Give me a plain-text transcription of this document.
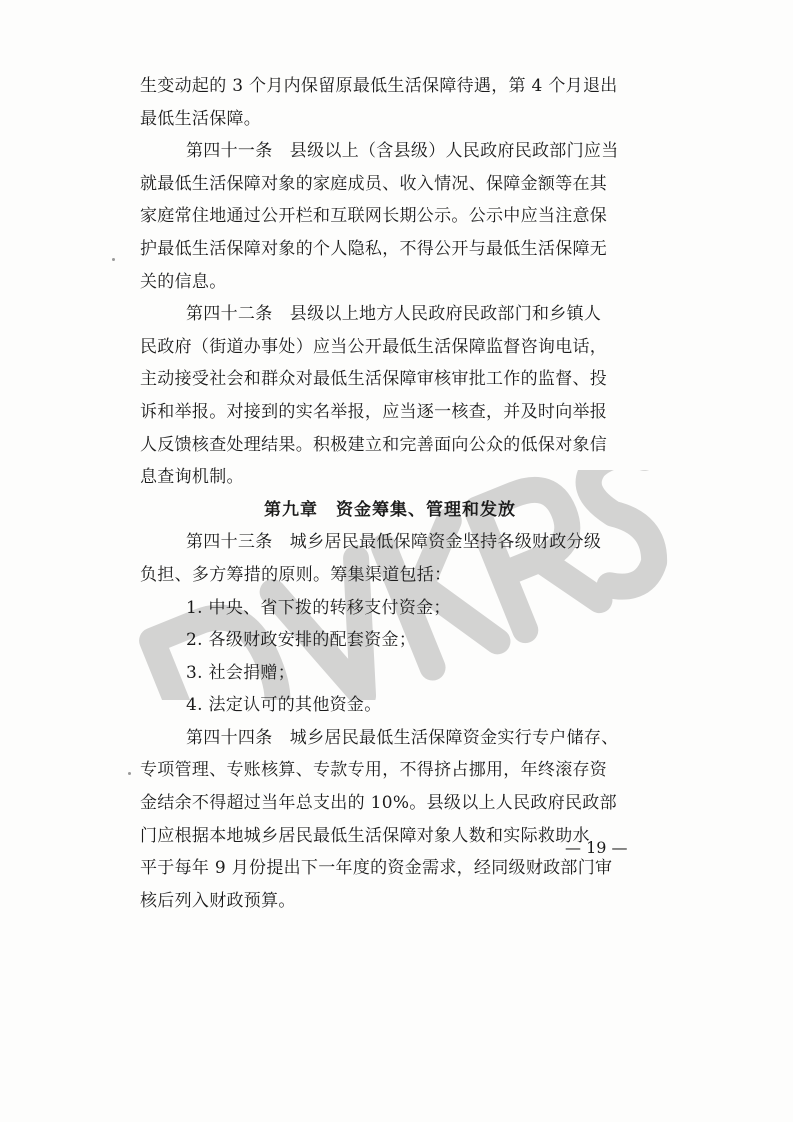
生变动起的 3 个月内保留原最低生活保障待遇，第 4 个月退出
最低生活保障。
第四十一条　县级以上（含县级）人民政府民政部门应当
就最低生活保障对象的家庭成员、收入情况、保障金额等在其
家庭常住地通过公开栏和互联网长期公示。公示中应当注意保
护最低生活保障对象的个人隐私，不得公开与最低生活保障无
关的信息。
第四十二条　县级以上地方人民政府民政部门和乡镇人
民政府（街道办事处）应当公开最低生活保障监督咨询电话，
主动接受社会和群众对最低生活保障审核审批工作的监督、投
诉和举报。对接到的实名举报，应当逐一核查，并及时向举报
人反馈核查处理结果。积极建立和完善面向公众的低保对象信
息查询机制。
第九章　资金筹集、管理和发放
第四十三条　城乡居民最低保障资金坚持各级财政分级
负担、多方筹措的原则。筹集渠道包括：
1. 中央、省下拨的转移支付资金；
2. 各级财政安排的配套资金；
3. 社会捐赠；
4. 法定认可的其他资金。
第四十四条　城乡居民最低生活保障资金实行专户储存、
专项管理、专账核算、专款专用，不得挤占挪用，年终滚存资
金结余不得超过当年总支出的 10%。县级以上人民政府民政部
门应根据本地城乡居民最低生活保障对象人数和实际救助水
平于每年 9 月份提出下一年度的资金需求，经同级财政部门审
核后列入财政预算。
— 19 —
